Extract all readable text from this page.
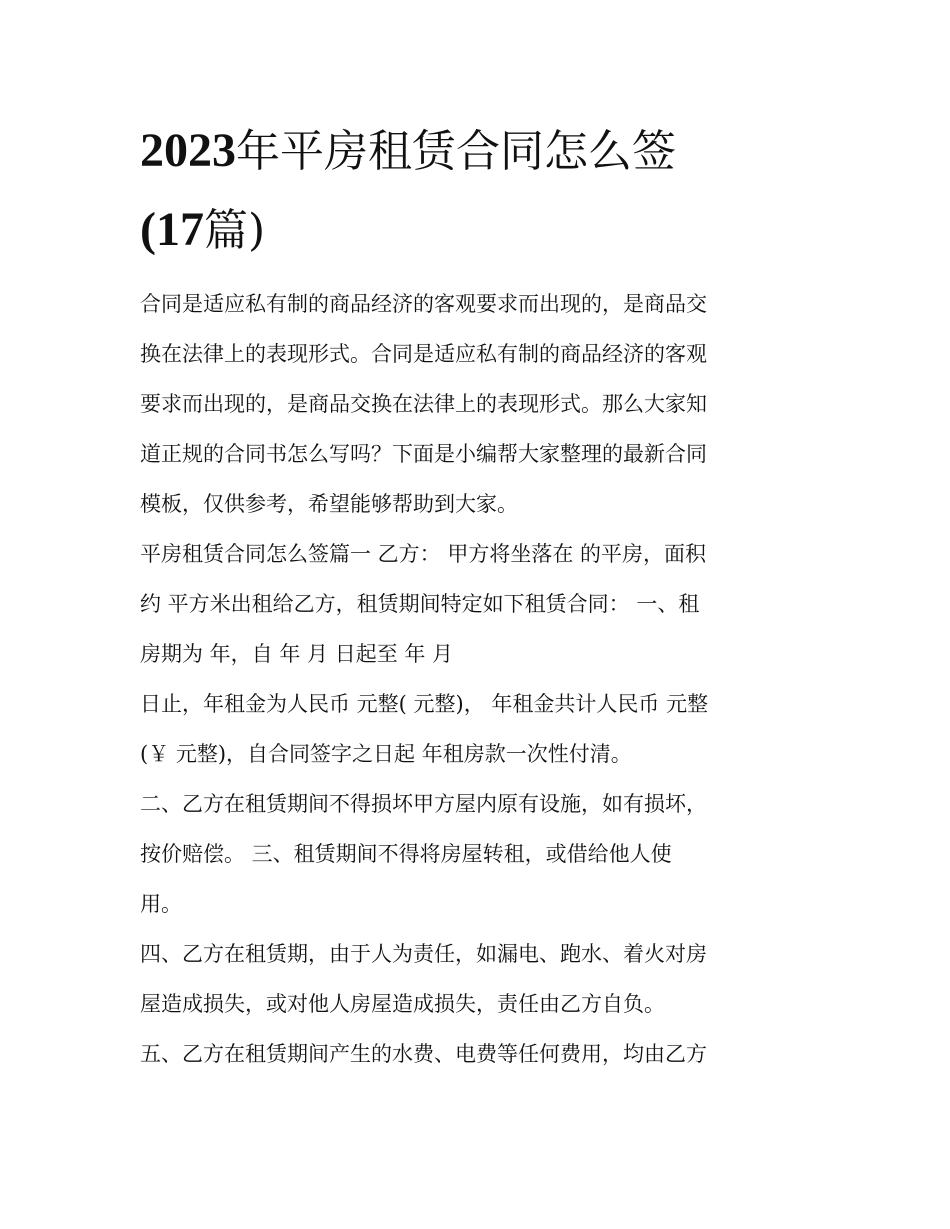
2023年平房租赁合同怎么签
(17篇)

合同是适应私有制的商品经济的客观要求而出现的，是商品交
换在法律上的表现形式。合同是适应私有制的商品经济的客观
要求而出现的，是商品交换在法律上的表现形式。那么大家知
道正规的合同书怎么写吗？下面是小编帮大家整理的最新合同
模板，仅供参考，希望能够帮助到大家。

平房租赁合同怎么签篇一 乙方： 甲方将坐落在 的平房，面积
约 平方米出租给乙方，租赁期间特定如下租赁合同： 一、租
房期为 年，自 年 月 日起至 年 月

日止，年租金为人民币 元整( 元整)， 年租金共计人民币 元整
(￥ 元整)，自合同签字之日起 年租房款一次性付清。

二、乙方在租赁期间不得损坏甲方屋内原有设施，如有损坏，
按价赔偿。 三、租赁期间不得将房屋转租，或借给他人使
用。

四、乙方在租赁期，由于人为责任，如漏电、跑水、着火对房
屋造成损失，或对他人房屋造成损失，责任由乙方自负。

五、乙方在租赁期间产生的水费、电费等任何费用，均由乙方
